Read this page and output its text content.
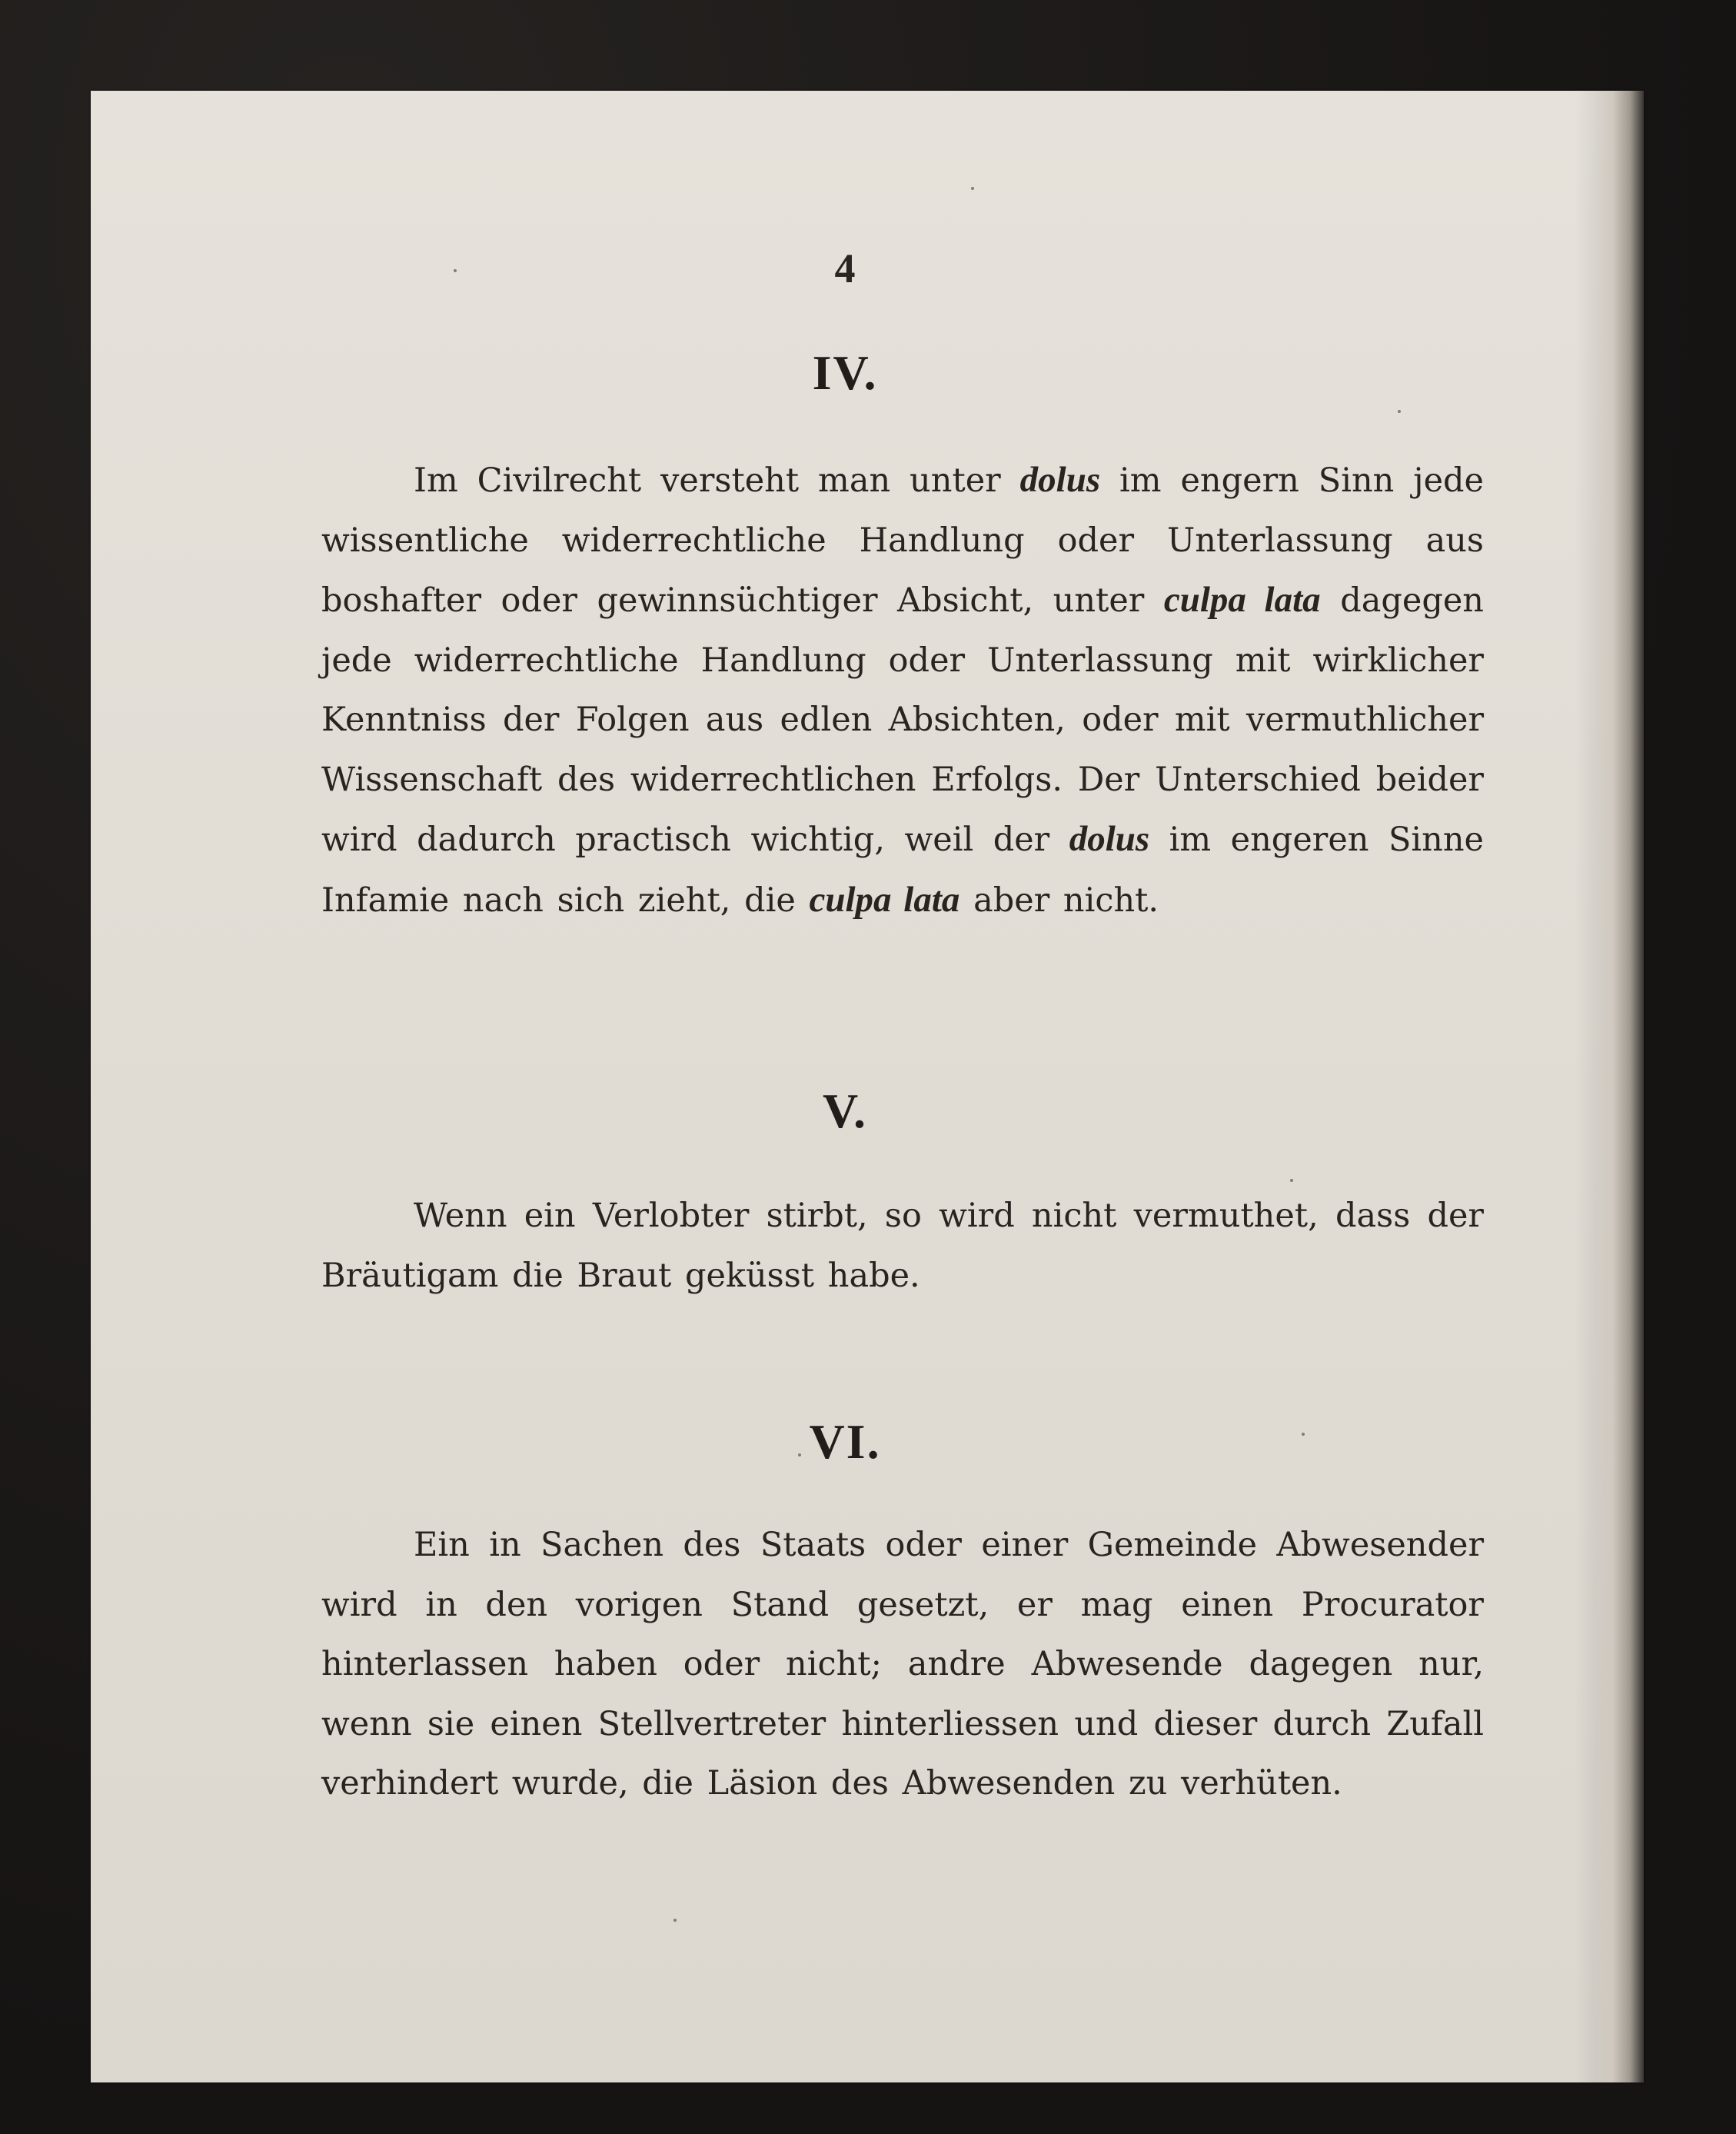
4
IV.
Im Civilrecht versteht man unter dolus im engern Sinn jede wissentliche widerrechtliche Handlung oder Unterlassung aus boshafter oder gewinnsüchtiger Absicht, unter culpa lata dagegen jede widerrechtliche Handlung oder Unterlassung mit wirklicher Kenntniss der Folgen aus edlen Absichten, oder mit vermuthlicher Wissenschaft des widerrechtlichen Erfolgs. Der Unterschied beider wird dadurch practisch wichtig, weil der dolus im engeren Sinne Infamie nach sich zieht, die culpa lata aber nicht.
V.
Wenn ein Verlobter stirbt, so wird nicht vermuthet, dass der Bräutigam die Braut geküsst habe.
VI.
Ein in Sachen des Staats oder einer Gemeinde Abwesender wird in den vorigen Stand gesetzt, er mag einen Procurator hinterlassen haben oder nicht; andre Abwesende dagegen nur, wenn sie einen Stellvertreter hinterliessen und dieser durch Zufall verhindert wurde, die Läsion des Abwesenden zu verhüten.
